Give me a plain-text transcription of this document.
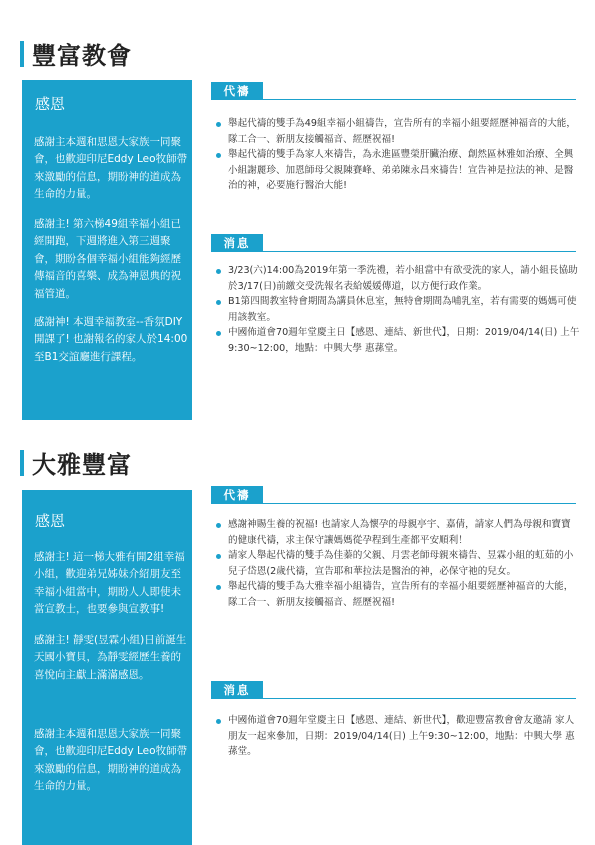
豐富教會
感恩
感謝主本週和思恩大家族一同聚會，也歡迎印尼Eddy Leo牧師帶來激勵的信息，期盼神的道成為生命的力量。
感謝主! 第六梯49組幸福小組已經開跑，下週將進入第三週聚會，期盼各個幸福小組能夠經歷傳福音的喜樂、成為神恩典的祝福管道。
感謝神! 本週幸福教室--香氛DIY開課了! 也謝報名的家人於14:00至B1交誼廳進行課程。
代禱
舉起代禱的雙手為49組幸福小組禱告，宣告所有的幸福小組要經歷神福音的大能，隊工合一、新朋友接觸福音、經歷祝福!
舉起代禱的雙手為家人來禱告，為永進區豐榮肝臟治療、創然區林雅如治療、全興小組謝麗珍、加恩師母父親陳賽峰、弟弟陳永昌來禱告！宣告神是拉法的神、是醫治的神，必要施行醫治大能!
消息
3/23(六)14:00為2019年第一季洗禮，若小組當中有欲受洗的家人，請小組長協助於3/17(日)前繳交受洗報名表給媛媛傳道，以方便行政作業。
B1第四間教室特會期間為講員休息室，無特會期間為哺乳室，若有需要的媽媽可使用該教室。
中國佈道會70週年堂慶主日【感恩、連結、新世代】，日期：2019/04/14(日) 上午9:30~12:00，地點：中興大學 惠蓀堂。
大雅豐富
感恩
感謝主! 這一梯大雅有開2組幸福小組，歡迎弟兄姊妹介紹朋友至幸福小組當中，期盼人人即使未當宣教士，也要參與宣教事!
感謝主! 靜雯(昱霖小組)日前誕生天國小寶貝，為靜雯經歷生養的喜悅向主獻上滿滿感恩。
感謝主本週和思恩大家族一同聚會，也歡迎印尼Eddy Leo牧師帶來激勵的信息，期盼神的道成為生命的力量。
代禱
感謝神賜生養的祝福! 也請家人為懷孕的母親亭宇、嘉倩，請家人們為母親和寶寶的健康代禱，求主保守讓媽媽從孕程到生產都平安順利！
請家人舉起代禱的雙手為佳蓁的父親、月雲老師母親來禱告、昱霖小組的虹茹的小兒子岱恩(2歲代禱，宣告耶和華拉法是醫治的神，必保守祂的兒女。
舉起代禱的雙手為大雅幸福小組禱告，宣告所有的幸福小組要經歷神福音的大能，隊工合一、新朋友接觸福音、經歷祝福!
消息
中國佈道會70週年堂慶主日【感恩、連結、新世代】，歡迎豐富教會會友邀請 家人朋友一起來參加，日期：2019/04/14(日) 上午9:30~12:00，地點：中興大學 惠蓀堂。
